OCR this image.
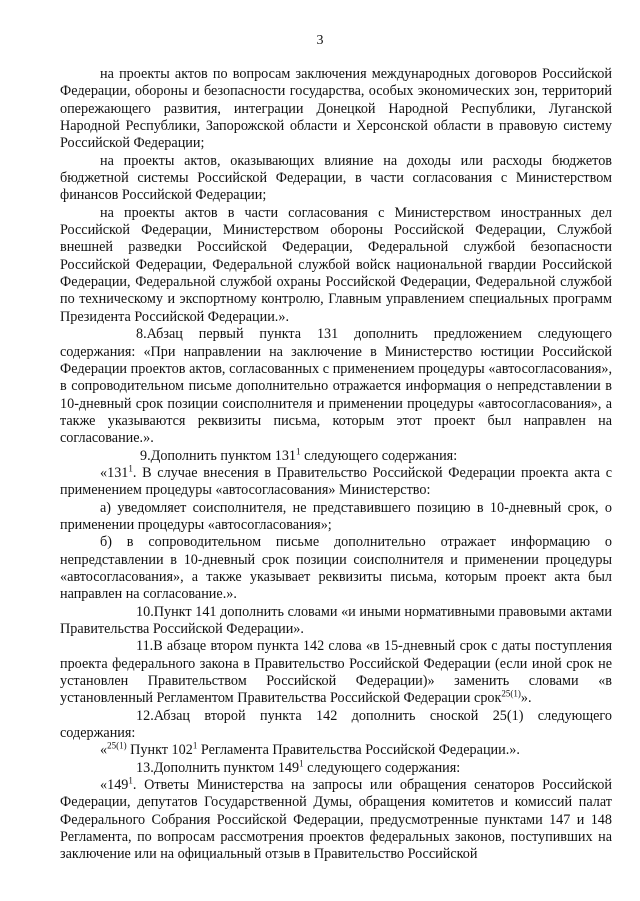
3

на проекты актов по вопросам заключения международных договоров Российской Федерации, обороны и безопасности государства, особых экономических зон, территорий опережающего развития, интеграции Донецкой Народной Республики, Луганской Народной Республики, Запорожской области и Херсонской области в правовую систему Российской Федерации;

на проекты актов, оказывающих влияние на доходы или расходы бюджетов бюджетной системы Российской Федерации, в части согласования с Министерством финансов Российской Федерации;

на проекты актов в части согласования с Министерством иностранных дел Российской Федерации, Министерством обороны Российской Федерации, Службой внешней разведки Российской Федерации, Федеральной службой безопасности Российской Федерации, Федеральной службой войск национальной гвардии Российской Федерации, Федеральной службой охраны Российской Федерации, Федеральной службой по техническому и экспортному контролю, Главным управлением специальных программ Президента Российской Федерации.».

8.Абзац первый пункта 131 дополнить предложением следующего содержания: «При направлении на заключение в Министерство юстиции Российской Федерации проектов актов, согласованных с применением процедуры «автосогласования», в сопроводительном письме дополнительно отражается информация о непредставлении в 10-дневный срок позиции соисполнителя и применении процедуры «автосогласования», а также указываются реквизиты письма, которым этот проект был направлен на согласование.».

9.Дополнить пунктом $131^1$ следующего содержания:

«$131^1$. В случае внесения в Правительство Российской Федерации проекта акта с применением процедуры «автосогласования» Министерство:

а) уведомляет соисполнителя, не представившего позицию в 10-дневный срок, о применении процедуры «автосогласования»;

б) в сопроводительном письме дополнительно отражает информацию о непредставлении в 10-дневный срок позиции соисполнителя и применении процедуры «автосогласования», а также указывает реквизиты письма, которым проект акта был направлен на согласование.».

10.Пункт 141 дополнить словами «и иными нормативными правовыми актами Правительства Российской Федерации».

11.В абзаце втором пункта 142 слова «в 15-дневный срок с даты поступления проекта федерального закона в Правительство Российской Федерации (если иной срок не установлен Правительством Российской Федерации)» заменить словами «в установленный Регламентом Правительства Российской Федерации срок$^{25(1)}$».

12.Абзац второй пункта 142 дополнить сноской 25(1) следующего содержания:

«$^{25(1)}$ Пункт $102^1$ Регламента Правительства Российской Федерации.».

13.Дополнить пунктом $149^1$ следующего содержания:

«$149^1$. Ответы Министерства на запросы или обращения сенаторов Российской Федерации, депутатов Государственной Думы, обращения комитетов и комиссий палат Федерального Собрания Российской Федерации, предусмотренные пунктами 147 и 148 Регламента, по вопросам рассмотрения проектов федеральных законов, поступивших на заключение или на официальный отзыв в Правительство Российской
